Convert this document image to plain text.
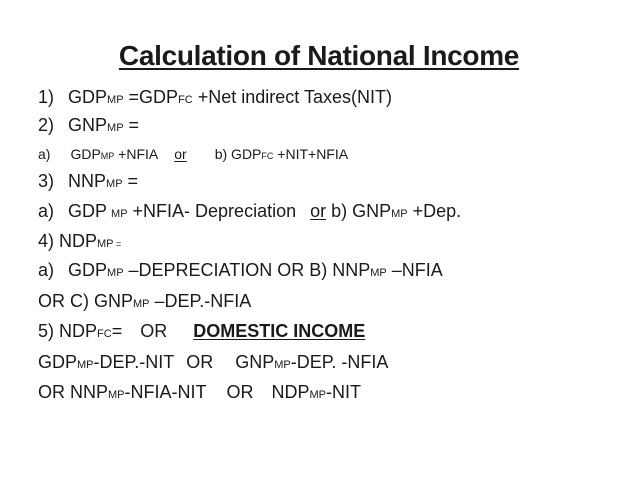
Calculation of National Income
1) GDPMP =GDPFC +Net indirect Taxes(NIT)
2) GNPMP =
a) GDPMP +NFIA or b) GDPFC +NIT+NFIA
3) NNPMP =
a) GDP MP +NFIA- Depreciation or b) GNPMP +Dep.
4) NDPMP =
a) GDPMP –DEPRECIATION OR B) NNPMP –NFIA
OR C) GNPMP –DEP.-NFIA
5) NDPFC= OR DOMESTIC INCOME
GDPMP-DEP.-NIT OR GNPMP-DEP. -NFIA
OR NNPMP-NFIA-NIT OR NDPMP-NIT
